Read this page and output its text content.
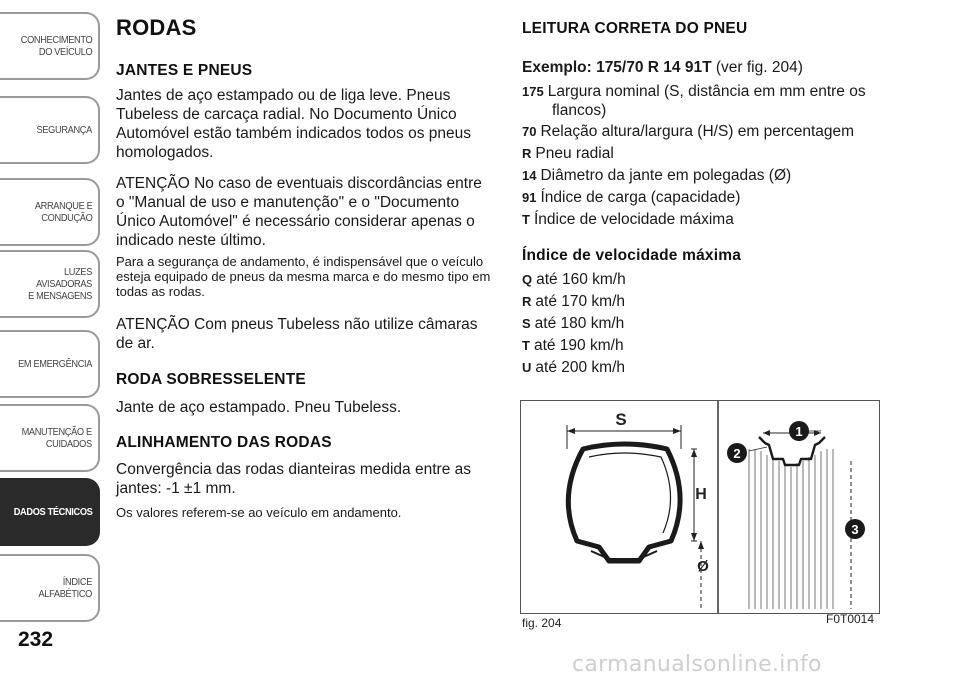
CONHECIMENTO
DO VEÍCULO
SEGURANÇA
ARRANQUE E
CONDUÇÃO
LUZES AVISADORAS
E MENSAGENS
EM EMERGÊNCIA
MANUTENÇÃO E
CUIDADOS
DADOS TÉCNICOS
ÍNDICE ALFABÉTICO
232
RODAS
JANTES E PNEUS

Jantes de aço estampado ou de liga leve. Pneus Tubeless de carcaça radial. No Documento Único Automóvel estão também indicados todos os pneus homologados.

ATENÇÃO No caso de eventuais discordâncias entre o "Manual de uso e manutenção" e o "Documento Único Automóvel" é necessário considerar apenas o indicado neste último.

Para a segurança de andamento, é indispensável que o veículo esteja equipado de pneus da mesma marca e do mesmo tipo em todas as rodas.

ATENÇÃO Com pneus Tubeless não utilize câmaras de ar.

RODA SOBRESSELENTE

Jante de aço estampado. Pneu Tubeless.

ALINHAMENTO DAS RODAS

Convergência das rodas dianteiras medida entre as jantes: -1 ±1 mm.

Os valores referem-se ao veículo em andamento.

LEITURA CORRETA DO PNEU
Exemplo: 175/70 R 14 91T (ver fig. 204)
175 Largura nominal (S, distância em mm entre os
flancos)
70 Relação altura/largura (H/S) em percentagem
R Pneu radial
14 Diâmetro da jante em polegadas (Ø)
91 Índice de carga (capacidade)
T Índice de velocidade máxima
Índice de velocidade máxima
Q até 160 km/h
R até 170 km/h
S até 180 km/h
T até 190 km/h
U até 200 km/h
S
H
Ø
1
2
3
fig. 204	F0T0014
carmanualsonline.info
